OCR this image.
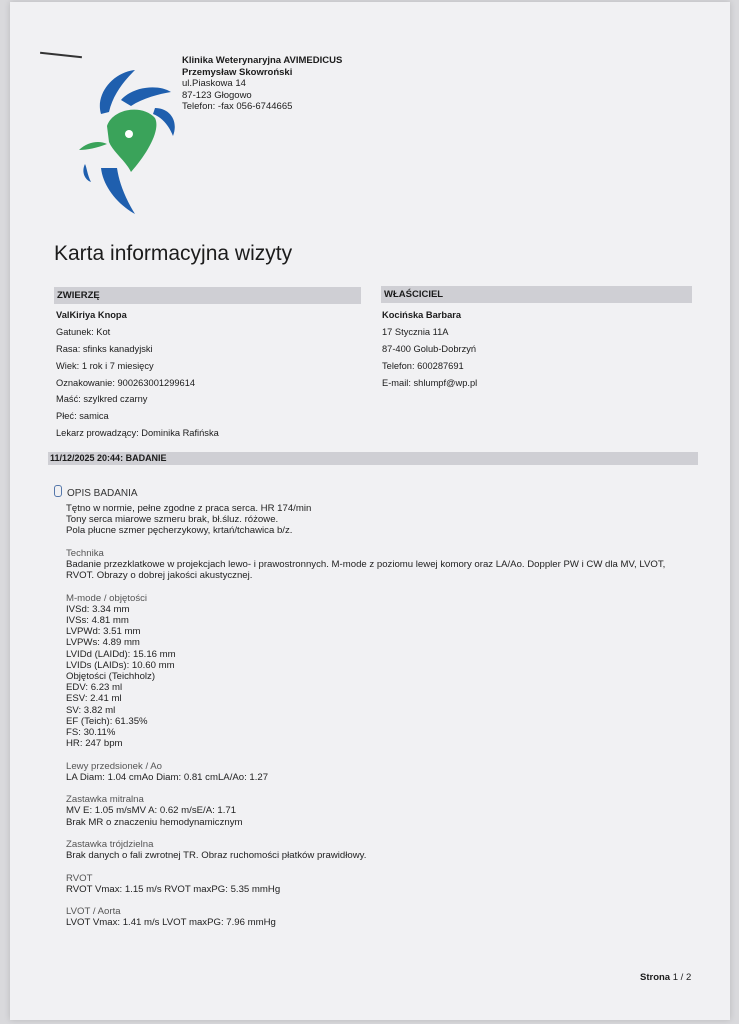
Klinika Weterynaryjna AVIMEDICUS
Przemysław Skowroński
ul.Piaskowa 14
87-123 Głogowo
Telefon: -fax 056-6744665
Karta informacyjna wizyty
ZWIERZĘ	WŁAŚCICIEL
ValKiriya Knopa
Gatunek: Kot
Rasa: sfinks kanadyjski
Wiek: 1 rok i 7 miesięcy
Oznakowanie: 900263001299614
Maść: szylkred czarny
Płeć: samica
Lekarz prowadzący: Dominika Rafińska
Kocińska Barbara
17 Stycznia 11A
87-400 Golub-Dobrzyń
Telefon: 600287691
E-mail: shlumpf@wp.pl
11/12/2025 20:44: BADANIE
OPIS BADANIA
Tętno w normie, pełne zgodne z praca serca. HR 174/min
Tony serca miarowe szmeru brak, bł.śluz. różowe.
Pola płucne szmer pęcherzykowy, krtań/tchawica b/z.
Technika
Badanie przezklatkowe w projekcjach lewo- i prawostronnych. M-mode z poziomu lewej komory oraz LA/Ao. Doppler PW i CW dla MV, LVOT,
RVOT. Obrazy o dobrej jakości akustycznej.
M-mode / objętości
IVSd: 3.34 mm
IVSs: 4.81 mm
LVPWd: 3.51 mm
LVPWs: 4.89 mm
LVIDd (LAIDd): 15.16 mm
LVIDs (LAIDs): 10.60 mm
Objętości (Teichholz)
EDV: 6.23 ml
ESV: 2.41 ml
SV: 3.82 ml
EF (Teich): 61.35%
FS: 30.11%
HR: 247 bpm
Lewy przedsionek / Ao
LA Diam: 1.04 cmAo Diam: 0.81 cmLA/Ao: 1.27
Zastawka mitralna
MV E: 1.05 m/sMV A: 0.62 m/sE/A: 1.71
Brak MR o znaczeniu hemodynamicznym
Zastawka trójdzielna
Brak danych o fali zwrotnej TR. Obraz ruchomości płatków prawidłowy.
RVOT
RVOT Vmax: 1.15 m/s RVOT maxPG: 5.35 mmHg
LVOT / Aorta
LVOT Vmax: 1.41 m/s LVOT maxPG: 7.96 mmHg
Strona 1 / 2
